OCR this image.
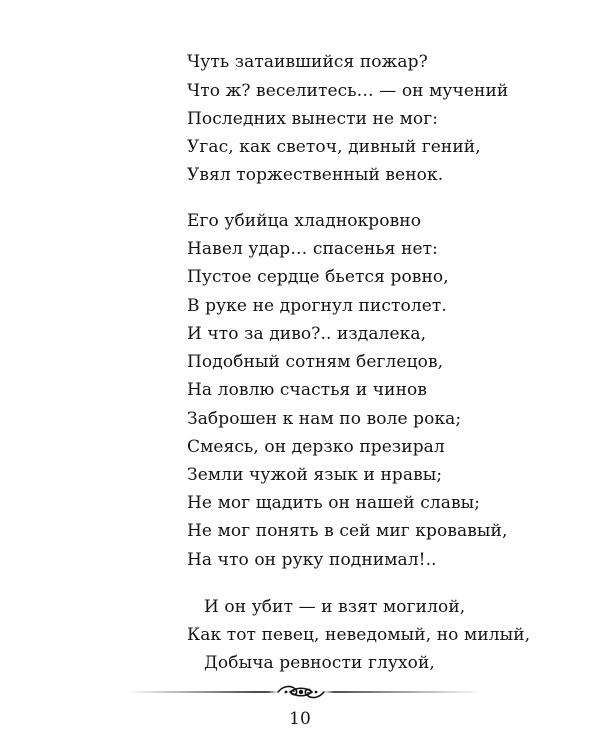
Чуть затаившийся пожар?
Что ж? веселитесь… — он мучений
Последних вынести не мог:
Угас, как светоч, дивный гений,
Увял торжественный венок.
Его убийца хладнокровно
Навел удар… спасенья нет:
Пустое сердце бьется ровно,
В руке не дрогнул пистолет.
И что за диво?.. издалека,
Подобный сотням беглецов,
На ловлю счастья и чинов
Заброшен к нам по воле рока;
Смеясь, он дерзко презирал
Земли чужой язык и нравы;
Не мог щадить он нашей славы;
Не мог понять в сей миг кровавый,
На что он руку поднимал!..
И он убит — и взят могилой,
Как тот певец, неведомый, но милый,
Добыча ревности глухой,
10
